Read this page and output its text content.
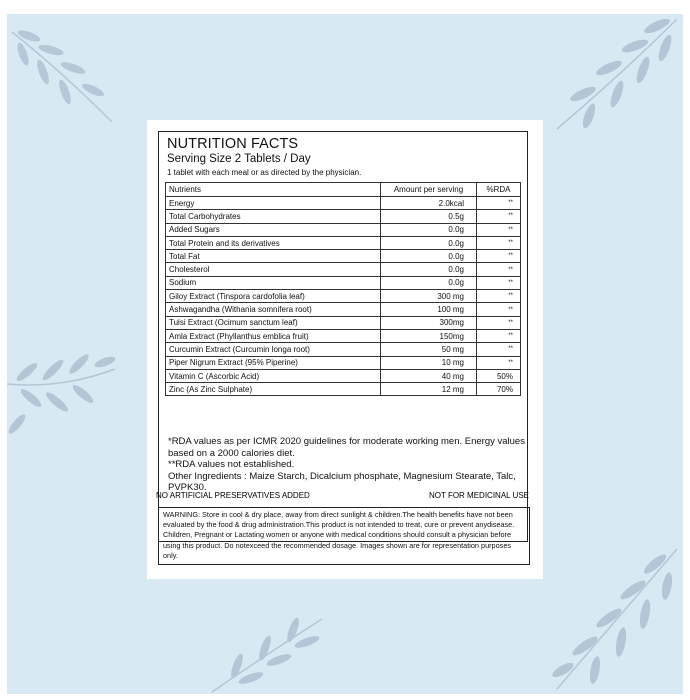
NUTRITION FACTS
Serving Size 2 Tablets / Day
1 tablet with each meal or as directed by the physician.
Nutrients	Amount per serving	%RDA
Energy	2.0kcal	**
Total Carbohydrates	0.5g	**
Added Sugars	0.0g	**
Total Protein and its derivatives	0.0g	**
Total Fat	0.0g	**
Cholesterol	0.0g	**
Sodium	0.0g	**
Giloy Extract (Tinspora cardofolia leaf)	300 mg	**
Ashwagandha (Withania somnifera root)	100 mg	**
Tulsi Extract (Ocimum sanctum leaf)	300mg	**
Amla Extract (Phyllanthus emblica fruit)	150mg	**
Curcumin Extract (Curcumin longa root)	50 mg	**
Piper Nigrum Extract (95% Piperine)	10 mg	**
Vitamin C (Ascorbic Acid)	40 mg	50%
Zinc (As Zinc Sulphate)	12 mg	70%
*RDA values as per ICMR 2020 guidelines for moderate working men. Energy values based on a 2000 calories diet.
**RDA values not established.
Other Ingredients : Maize Starch, Dicalcium phosphate, Magnesium Stearate, Talc, PVPK30.
NO ARTIFICIAL PRESERVATIVES ADDED	NOT FOR MEDICINAL USE
WARNING: Store in cool & dry place, away from direct sunlight & children.The health benefits have not been evaluated by the food & drug administration.This product is not intended to treat, cure or prevent anydisease. Children, Pregnant or Lactating women or anyone with medical conditions should consult a physician before using this product. Do notexceed the recommended dosage. Images shown are for representation purposes only.
